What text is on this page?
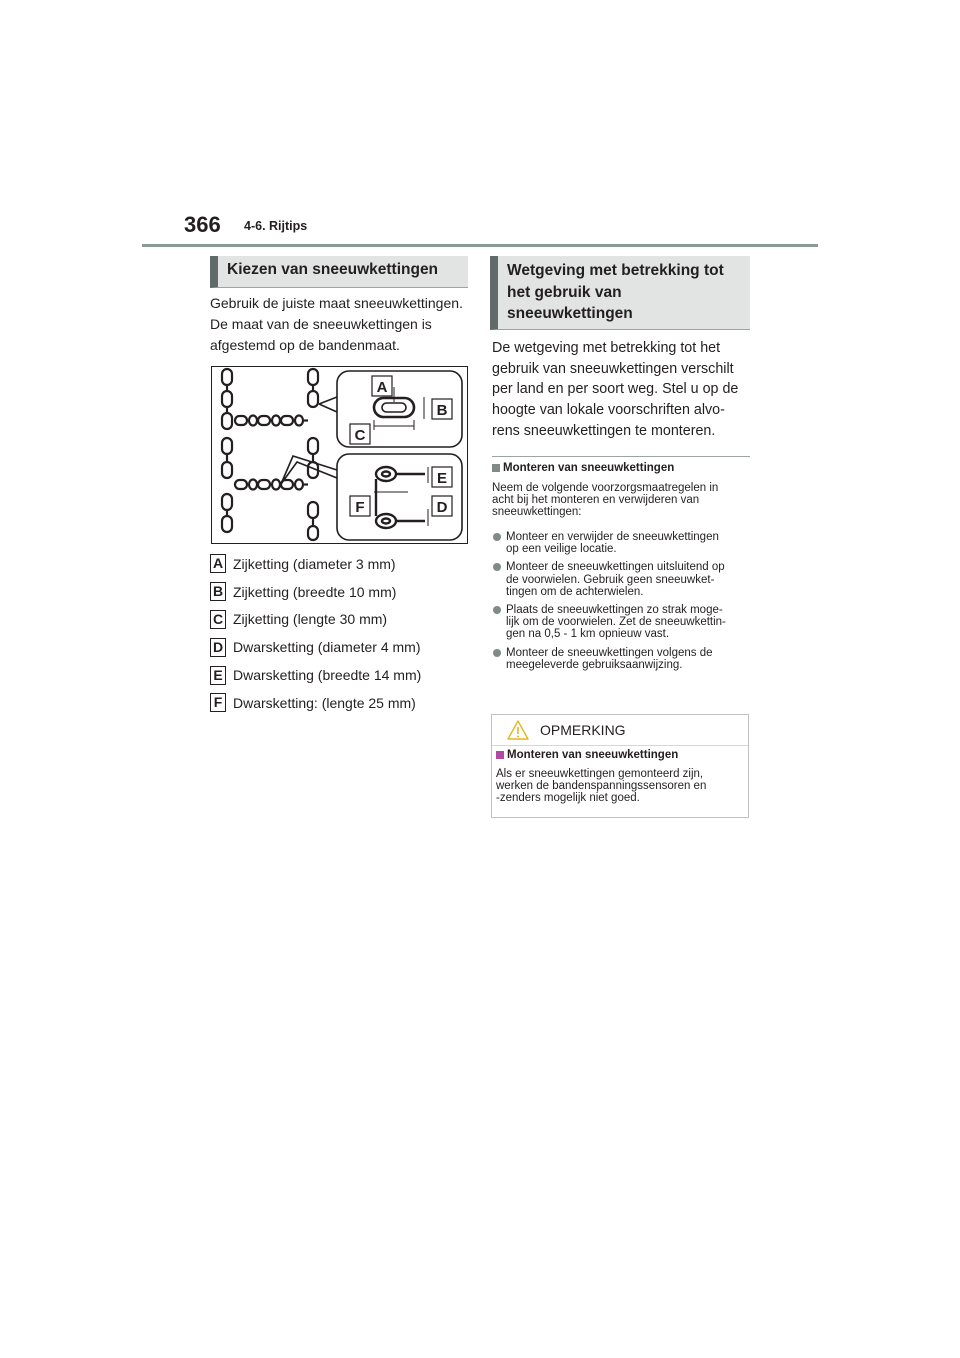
366 4-6. Rijtips
Kiezen van sneeuwkettingen
Gebruik de juiste maat sneeuwkettingen.
De maat van de sneeuwkettingen is
afgestemd op de bandenmaat.
A
B
C
E
F	D
A Zijketting (diameter 3 mm)
B Zijketting (breedte 10 mm)
C Zijketting (lengte 30 mm)
D Dwarsketting (diameter 4 mm)
E Dwarsketting (breedte 14 mm)
F Dwarsketting: (lengte 25 mm)
Wetgeving met betrekking tot
het gebruik van
sneeuwkettingen
De wetgeving met betrekking tot het
gebruik van sneeuwkettingen verschilt
per land en per soort weg. Stel u op de
hoogte van lokale voorschriften alvo-
rens sneeuwkettingen te monteren.
Monteren van sneeuwkettingen
Neem de volgende voorzorgsmaatregelen in
acht bij het monteren en verwijderen van
sneeuwkettingen:
Monteer en verwijder de sneeuwkettingen
op een veilige locatie.
Monteer de sneeuwkettingen uitsluitend op
de voorwielen. Gebruik geen sneeuwket-
tingen om de achterwielen.
Plaats de sneeuwkettingen zo strak moge-
lijk om de voorwielen. Zet de sneeuwkettin-
gen na 0,5 - 1 km opnieuw vast.
Monteer de sneeuwkettingen volgens de
meegeleverde gebruiksaanwijzing.
OPMERKING
Monteren van sneeuwkettingen
Als er sneeuwkettingen gemonteerd zijn,
werken de bandenspanningssensoren en
-zenders mogelijk niet goed.
